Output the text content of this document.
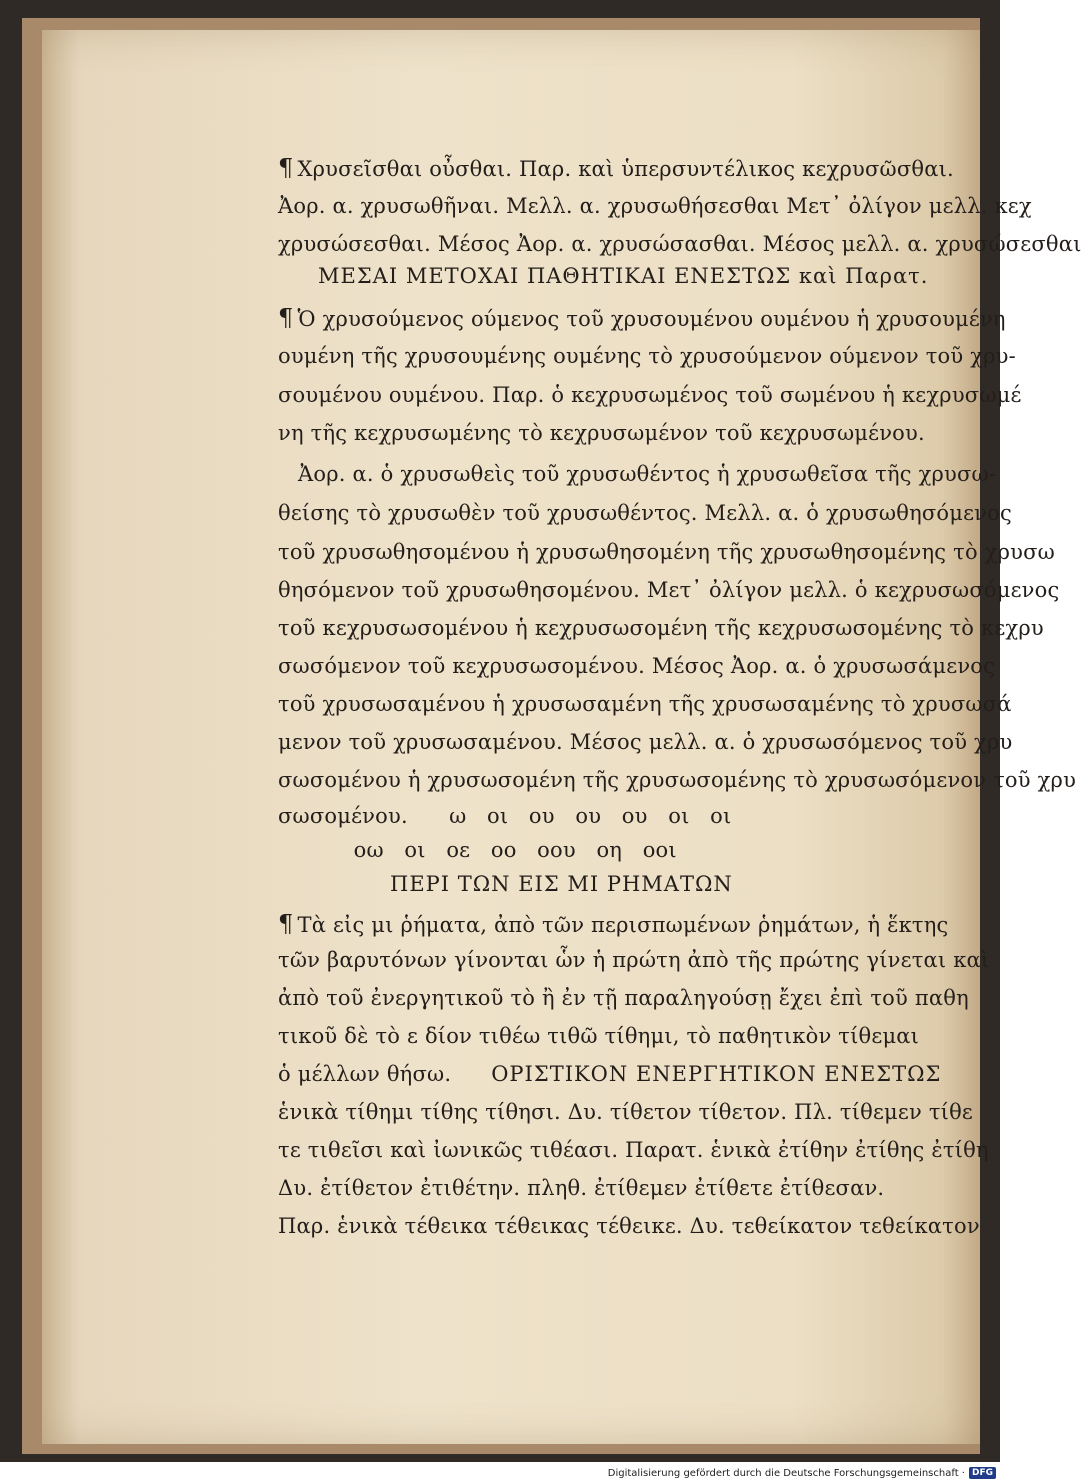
¶ Χρυσεῖσθαι οὖσθαι. Παρ. καὶ ὑπερσυντέλικος κεχρυσῶσθαι.
Ἀορ. α. χρυσωθῆναι. Μελλ. α. χρυσωθήσεσθαι Μετ᾽ ὀλίγον μελλ. κεχ
χρυσώσεσθαι. Μέσος Ἀορ. α. χρυσώσασθαι. Μέσος μελλ. α. χρυσώσεσθαι
ΜΕΣΑΙ ΜΕΤΟΧΑΙ ΠΑΘΗΤΙΚΑΙ ΕΝΕΣΤΩΣ καὶ Παρατ.
¶ Ὁ χρυσούμενος ούμενος τοῦ χρυσουμένου ουμένου ἡ χρυσουμένη
ουμένη τῆς χρυσουμένης ουμένης τὸ χρυσούμενον ούμενον τοῦ χρυ-
σουμένου ουμένου. Παρ. ὁ κεχρυσωμένος τοῦ σωμένου ἡ κεχρυσωμέ
νη τῆς κεχρυσωμένης τὸ κεχρυσωμένον τοῦ κεχρυσωμένου.
Ἀορ. α. ὁ χρυσωθεὶς τοῦ χρυσωθέντος ἡ χρυσωθεῖσα τῆς χρυσω-
θείσης τὸ χρυσωθὲν τοῦ χρυσωθέντος. Μελλ. α. ὁ χρυσωθησόμενος
τοῦ χρυσωθησομένου ἡ χρυσωθησομένη τῆς χρυσωθησομένης τὸ χρυσω
θησόμενον τοῦ χρυσωθησομένου. Μετ᾽ ὀλίγον μελλ. ὁ κεχρυσωσόμενος
τοῦ κεχρυσωσομένου ἡ κεχρυσωσομένη τῆς κεχρυσωσομένης τὸ κεχρυ
σωσόμενον τοῦ κεχρυσωσομένου. Μέσος Ἀορ. α. ὁ χρυσωσάμενος
τοῦ χρυσωσαμένου ἡ χρυσωσαμένη τῆς χρυσωσαμένης τὸ χρυσωσά
μενον τοῦ χρυσωσαμένου. Μέσος μελλ. α. ὁ χρυσωσόμενος τοῦ χρυ
σωσομένου ἡ χρυσωσομένη τῆς χρυσωσομένης τὸ χρυσωσόμενον τοῦ χρυ
σωσομένου.      ω   οι   ου   ου   ου   οι   οι
οω   οι   οε   οο   οου   οη   οοι
ΠΕΡΙ ΤΩΝ ΕΙΣ ΜΙ ΡΗΜΑΤΩΝ
¶ Τὰ εἰς μι ῥήματα, ἀπὸ τῶν περισπωμένων ῥημάτων, ἡ ἕκτης
τῶν βαρυτόνων γίνονται ὧν ἡ πρώτη ἀπὸ τῆς πρώτης γίνεται καὶ
ἀπὸ τοῦ ἐνεργητικοῦ τὸ ἢ ἐν τῇ παραληγούσῃ ἔχει ἐπὶ τοῦ παθη
τικοῦ δὲ τὸ ε δίον τιθέω τιθῶ τίθημι, τὸ παθητικὸν τίθεμαι
ὁ μέλλων θήσω. ΟΡΙΣΤΙΚΟΝ ΕΝΕΡΓΗΤΙΚΟΝ ΕΝΕΣΤΩΣ
ἑνικὰ τίθημι τίθης τίθησι. Δυ. τίθετον τίθετον. Πλ. τίθεμεν τίθε
τε τιθεῖσι καὶ ἰωνικῶς τιθέασι. Παρατ. ἑνικὰ ἐτίθην ἐτίθης ἐτίθη
Δυ. ἐτίθετον ἐτιθέτην. πληθ. ἐτίθεμεν ἐτίθετε ἐτίθεσαν.
Παρ. ἑνικὰ τέθεικα τέθεικας τέθεικε. Δυ. τεθείκατον τεθείκατον
Digitalisierung gefördert durch die Deutsche Forschungsgemeinschaft · DFG
